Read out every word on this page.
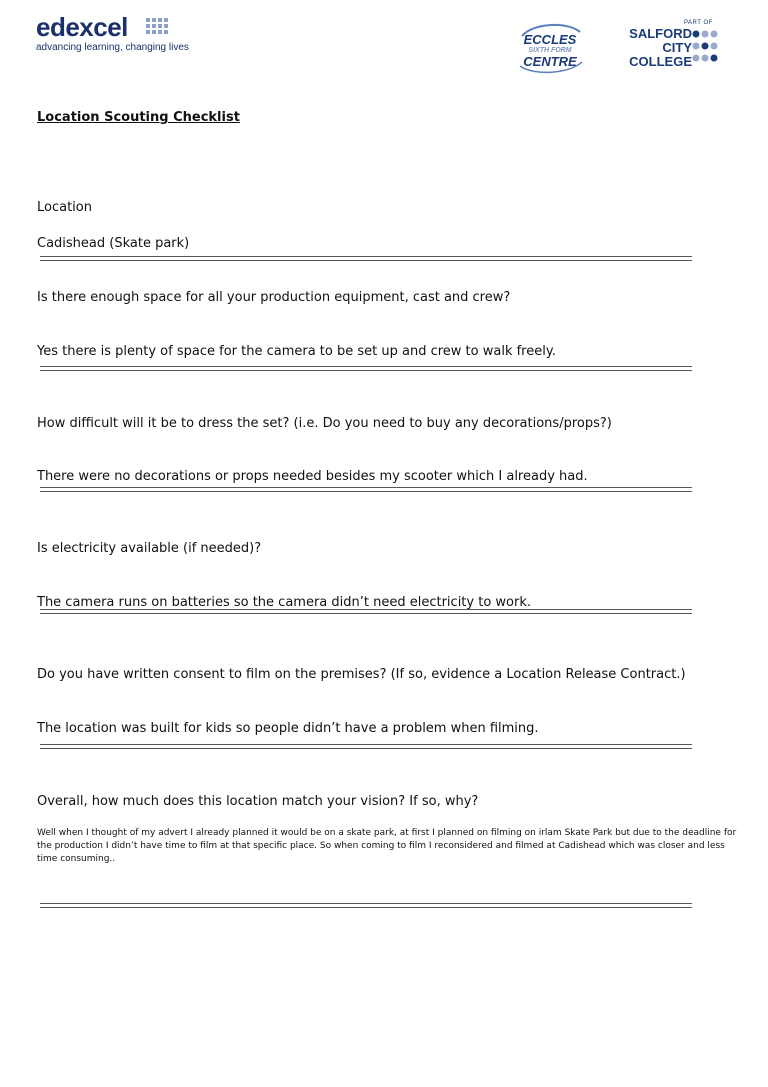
edexcel
advancing learning, changing lives
ECCLES
SIXTH FORM
CENTRE
PART OF
SALFORD
CITY
COLLEGE
Location Scouting Checklist
Location
Cadishead (Skate park)
Is there enough space for all your production equipment, cast and crew?
Yes there is plenty of space for the camera to be set up and crew to walk freely.
How difficult will it be to dress the set? (i.e. Do you need to buy any decorations/props?)
There were no decorations or props needed besides my scooter which I already had.
Is electricity available (if needed)?
The camera runs on batteries so the camera didn’t need electricity to work.
Do you have written consent to film on the premises? (If so, evidence a Location Release Contract.)
The location was built for kids so people didn’t have a problem when filming.
Overall, how much does this location match your vision? If so, why?
Well when I thought of my advert I already planned it would be on a skate park, at first I planned on filming on irlam Skate Park but due to the deadline for the production I didn’t have time to film at that specific place. So when coming to film I reconsidered and filmed at Cadishead which was closer and less time consuming..
